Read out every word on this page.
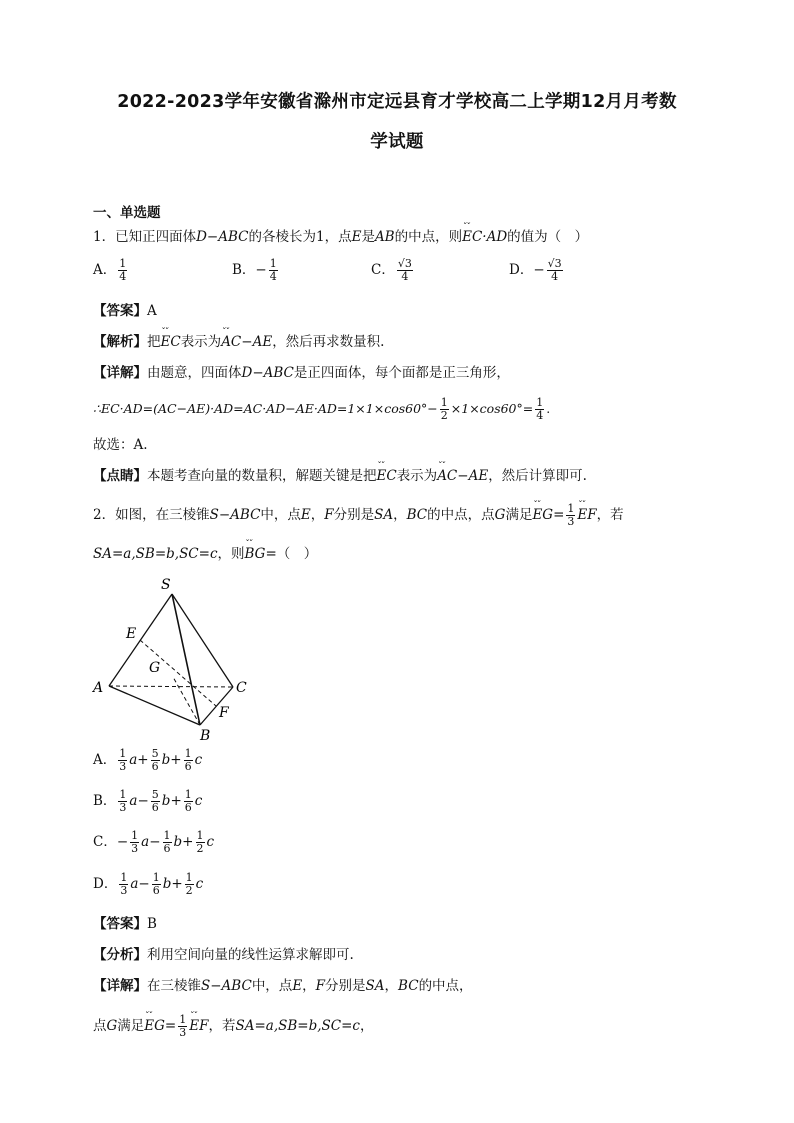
2022-2023学年安徽省滁州市定远县育才学校高二上学期12月月考数
学试题
一、单选题
1．已知正四面体D−ABC的各棱长为1，点E是AB的中点，则ˇˇ EC·AD的值为（　）
A． $\frac{1}{4}$	B．− $\frac{1}{4}$	C． $\frac{√3}{4}$	D．− $\frac{√3}{4}$
【答案】A
【解析】把ˇˇ EC表示为ˇˇ AC−AE，然后再求数量积.
【详解】由题意，四面体D−ABC是正四面体，每个面都是正三角形，
∴EC·AD=(AC−AE)·AD=AC·AD−AE·AD=1×1×cos60°− $\frac{1}{2} \times 1\times\cos 60^\circ= \frac{1}{4}$ .
故选：A.
【点睛】本题考查向量的数量积，解题关键是把ˇˇ EC表示为ˇˇ AC−AE，然后计算即可.
2．如图，在三棱锥S−ABC中，点E，F分别是SA，BC的中点，点G满足ˇˇ $EG= \frac{1}{3}$ ˇˇ EF，若
SA=a,SB=b,SC=c，则ˇˇ BG=（　）
S
E
G
A	C
F
B
A． $\frac{1}{3} a+ \frac{5}{6} b+ \frac{1}{6}$ c
B． $\frac{1}{3} a- \frac{5}{6} b+ \frac{1}{6}$ c
C．− $\frac{1}{3} a- \frac{1}{6} b+ \frac{1}{2}$ c
D． $\frac{1}{3} a- \frac{1}{6} b+ \frac{1}{2}$ c
【答案】B
【分析】利用空间向量的线性运算求解即可.
【详解】在三棱锥S−ABC中，点E，F分别是SA，BC的中点，
点G满足ˇˇ $EG= \frac{1}{3}$ ˇˇ EF，若SA=a,SB=b,SC=c，
